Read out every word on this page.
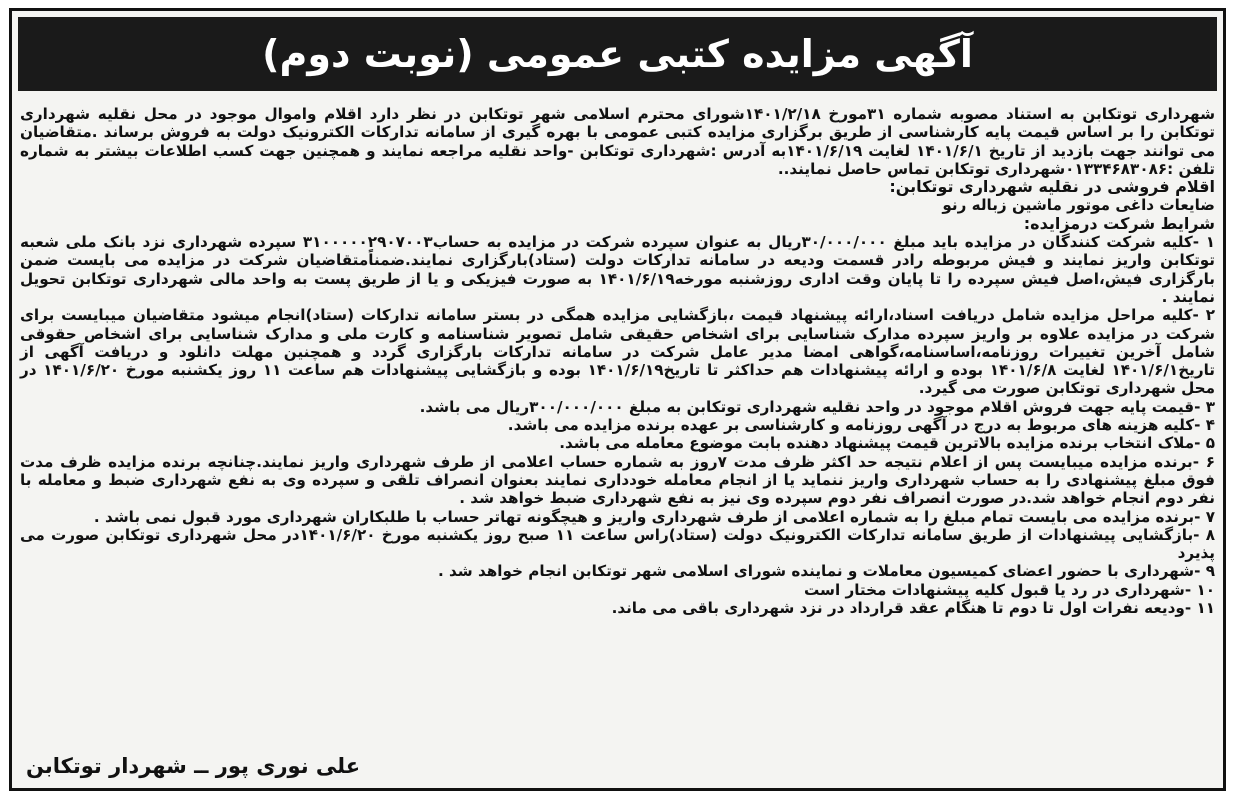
آگهی مزایده کتبی عمومی (نوبت دوم)

شهرداری توتکابن به استناد مصوبه شماره ۳۱مورخ ۱۴۰۱/۲/۱۸شورای محترم اسلامی شهر توتکابن در نظر دارد اقلام واموال موجود در محل نقلیه شهرداری توتکابن را بر اساس قیمت پایه کارشناسی از طریق برگزاری مزایده کتبی عمومی با بهره گیری از سامانه تدارکات الکترونیک دولت به فروش برساند .متقاضیان می توانند جهت بازدید از تاریخ ۱۴۰۱/۶/۱ لغایت ۱۴۰۱/۶/۱۹به آدرس :شهرداری توتکابن -واحد نقلیه مراجعه نمایند و همچنین جهت کسب اطلاعات بیشتر به شماره تلفن :۰۱۳۳۴۶۸۳۰۸۶شهرداری توتکابن تماس حاصل نمایند..

اقلام فروشی در نقلیه شهرداری توتکابن:

ضایعات داغی موتور ماشین زباله رنو

شرایط شرکت درمزایده:

۱ -کلیه شرکت کنندگان در مزایده باید مبلغ ۳۰/۰۰۰/۰۰۰ریال به عنوان سپرده شرکت در مزایده به حساب۳۱۰۰۰۰۰۲۹۰۷۰۰۳ سپرده شهرداری نزد بانک ملی شعبه توتکابن واریز نمایند و فیش مربوطه رادر قسمت ودیعه در سامانه تدارکات دولت (ستاد)بارگزاری نمایند.ضمناًمتقاضیان شرکت در مزایده می بایست ضمن بارگزاری فیش،اصل فیش سپرده را تا پایان وقت اداری روزشنبه مورخه۱۴۰۱/۶/۱۹ به صورت فیزیکی و یا از طریق پست به واحد مالی شهرداری توتکابن تحویل نمایند .

۲ -کلیه مراحل مزایده شامل دریافت اسناد،ارائه پیشنهاد قیمت ،بازگشایی مزایده همگی در بستر سامانه تدارکات (ستاد)انجام میشود متقاضیان میبایست برای شرکت در مزایده علاوه بر واریز سپرده مدارک شناسایی برای اشخاص حقیقی شامل تصویر شناسنامه و کارت ملی و مدارک شناسایی برای اشخاص حقوقی شامل آخرین تغییرات روزنامه،اساسنامه،گواهی امضا مدیر عامل شرکت در سامانه تدارکات بارگزاری گردد و همچنین مهلت دانلود و دریافت آگهی از تاریخ۱۴۰۱/۶/۱ لغایت ۱۴۰۱/۶/۸ بوده و ارائه پیشنهادات هم حداکثر تا تاریخ۱۴۰۱/۶/۱۹ بوده و بازگشایی پیشنهادات هم ساعت ۱۱ روز یکشنبه مورخ ۱۴۰۱/۶/۲۰ در محل شهرداری توتکابن صورت می گیرد.

۳ -قیمت پایه جهت فروش اقلام موجود در واحد نقلیه شهرداری توتکابن به مبلغ ۳۰۰/۰۰۰/۰۰۰ریال می باشد.

۴ -کلیه هزینه های مربوط به درج در آگهی روزنامه و کارشناسی بر عهده برنده مزایده می باشد.

۵ -ملاک انتخاب برنده مزایده بالاترین قیمت پیشنهاد دهنده بابت موضوع معامله می باشد.

۶ -برنده مزایده میبایست پس از اعلام نتیجه حد اکثر ظرف مدت ۷روز به شماره حساب اعلامی از طرف شهرداری واریز نمایند.چنانچه برنده مزایده ظرف مدت فوق مبلغ پیشنهادی را به حساب شهرداری واریز ننماید یا از انجام معامله خودداری نمایند بعنوان انصراف تلقی و سپرده وی به نفع شهرداری ضبط و معامله با نفر دوم انجام خواهد شد.در صورت انصراف نفر دوم سپرده وی نیز به نفع شهرداری ضبط خواهد شد .

۷ -برنده مزایده می بایست تمام مبلغ را به شماره اعلامی از طرف شهرداری واریز و هیچگونه تهاتر حساب با طلبکاران شهرداری مورد قبول نمی باشد .

۸ -بازگشایی پیشنهادات از طریق سامانه تدارکات الکترونیک دولت (ستاد)راس ساعت ۱۱ صبح روز یکشنبه مورخ ۱۴۰۱/۶/۲۰در محل شهرداری توتکابن صورت می پذیرد

۹ -شهرداری با حضور اعضای کمیسیون معاملات و نماینده شورای اسلامی شهر توتکابن انجام خواهد شد .

۱۰ -شهرداری در رد یا قبول کلیه پیشنهادات مختار است

۱۱ -ودیعه نفرات اول تا دوم تا هنگام عقد قرارداد در نزد شهرداری باقی می ماند.

علی نوری پور ــ شهردار توتکابن
